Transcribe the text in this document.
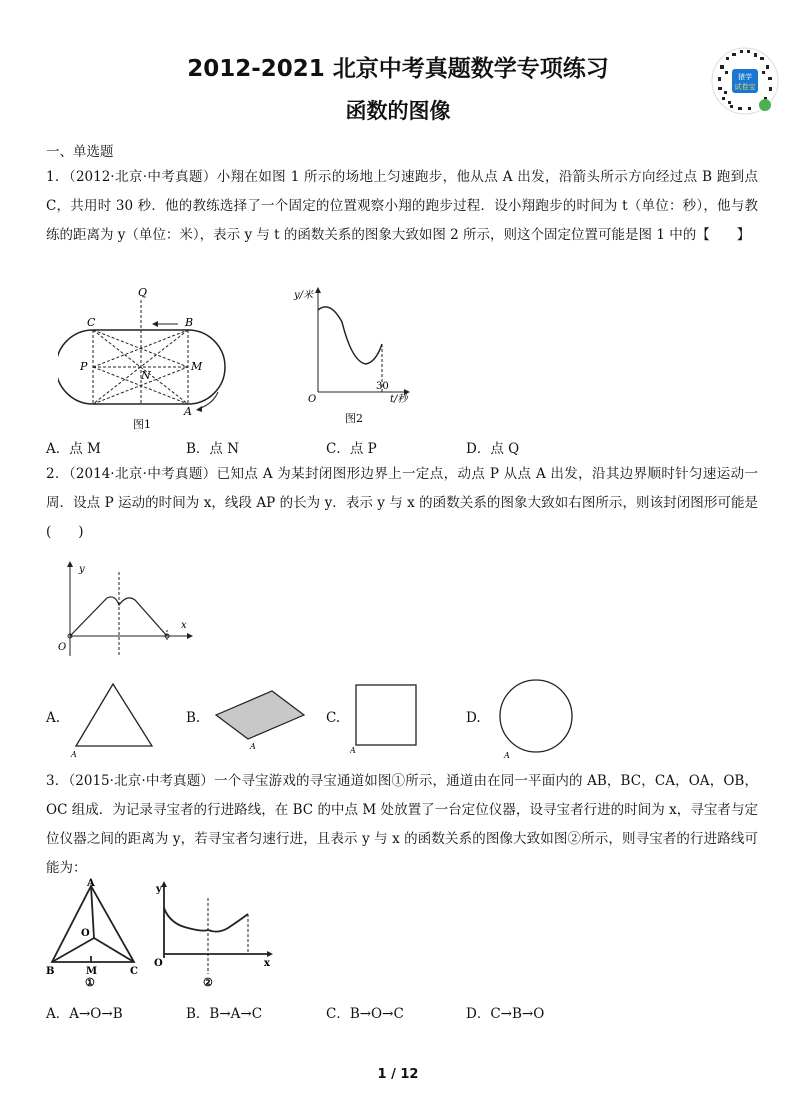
2012-2021 北京中考真题数学专项练习
函数的图像
猿学
试卷宝
一、单选题
1．（2012·北京·中考真题）小翔在如图 1 所示的场地上匀速跑步，他从点 A 出发，沿箭头所示方向经过点 B 跑到点 C，共用时 30 秒．他的教练选择了一个固定的位置观察小翔的跑步过程．设小翔跑步的时间为 t（单位：秒），他与教练的距离为 y（单位：米），表示 y 与 t 的函数关系的图象大致如图 2 所示，则这个固定位置可能是图 1 中的【　　】
Q
C	B
P
N
M
A
图1
y/米
t/秒
O
30
图2
A．点 M	B．点 N	C．点 P	D．点 Q
2．（2014·北京·中考真题）已知点 A 为某封闭图形边界上一定点，动点 P 从点 A 出发，沿其边界顺时针匀速运动一周．设点 P 运动的时间为 x，线段 AP 的长为 y．表示 y 与 x 的函数关系的图象大致如右图所示，则该封闭图形可能是(　　)
y
x
O
A.
A
B.
A
C.
A
D.
A
3．（2015·北京·中考真题）一个寻宝游戏的寻宝通道如图①所示，通道由在同一平面内的 AB，BC，CA，OA，OB，OC 组成．为记录寻宝者的行进路线，在 BC 的中点 M 处放置了一台定位仪器，设寻宝者行进的时间为 x，寻宝者与定位仪器之间的距离为 y，若寻宝者匀速行进，且表示 y 与 x 的函数关系的图像大致如图②所示，则寻宝者的行进路线可能为：
A
O
B	M	C
①
y
x
O
②
A．A→O→B	B．B→A→C	C．B→O→C	D．C→B→O
1 / 12
